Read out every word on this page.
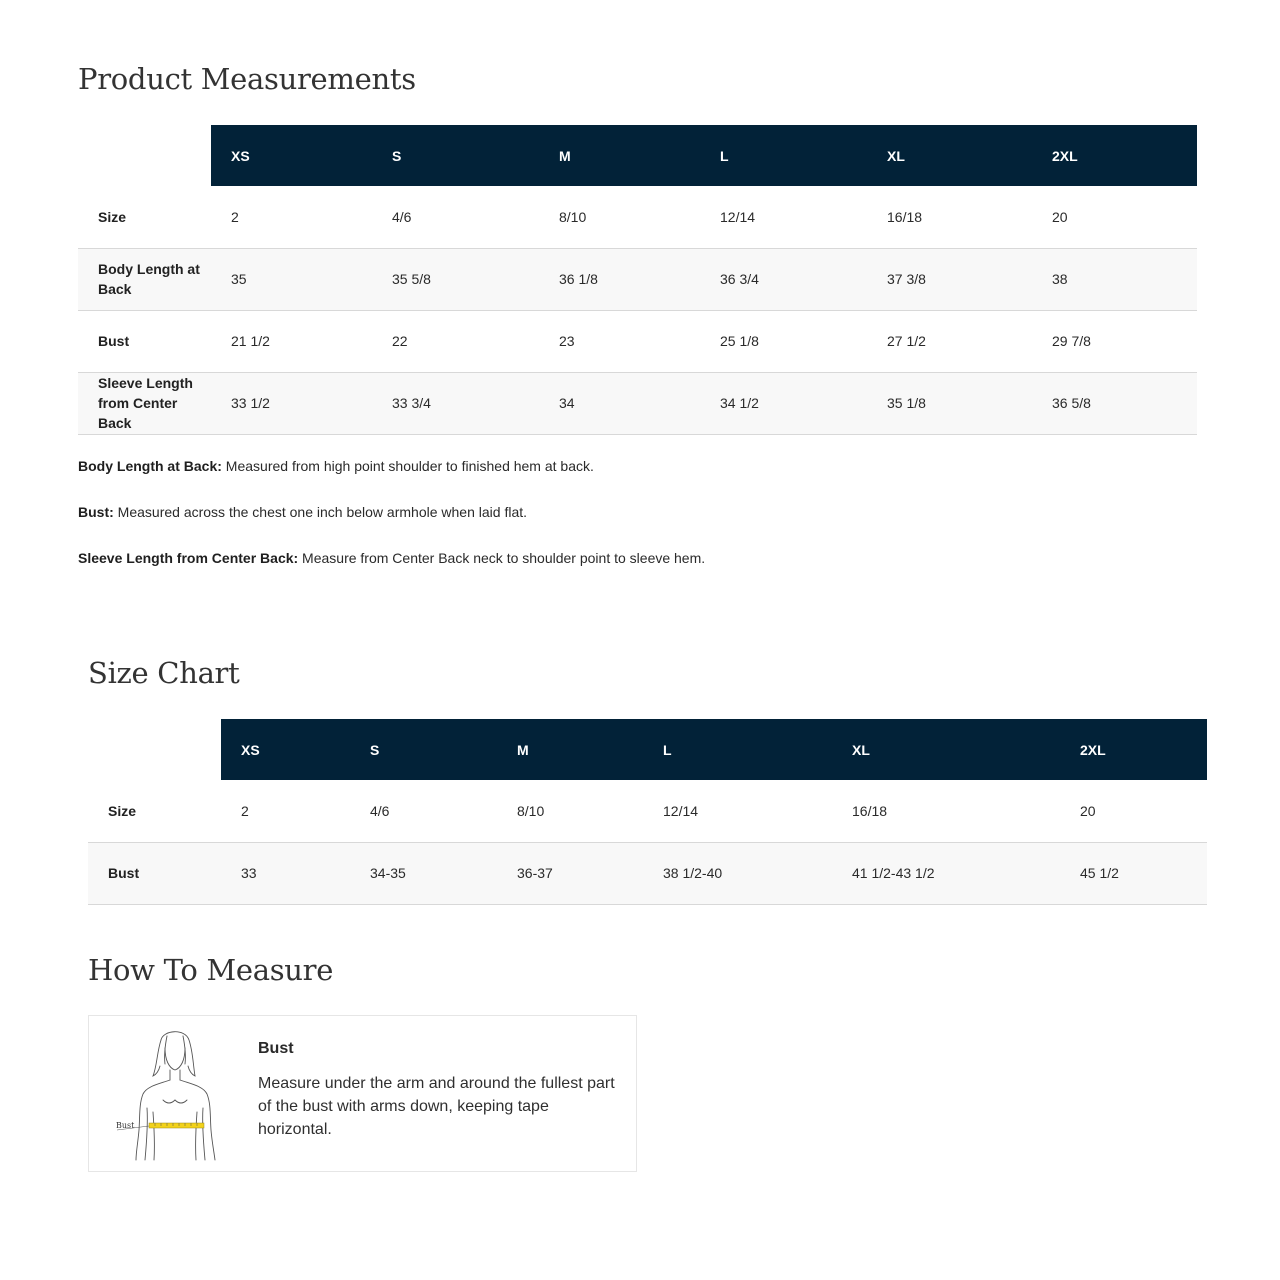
Product Measurements
	XS	S	M	L	XL	2XL
Size	2	4/6	8/10	12/14	16/18	20
Body Length at Back	35	35 5/8	36 1/8	36 3/4	37 3/8	38
Bust	21 1/2	22	23	25 1/8	27 1/2	29 7/8
Sleeve Length from Center Back	33 1/2	33 3/4	34	34 1/2	35 1/8	36 5/8

Body Length at Back: Measured from high point shoulder to finished hem at back.

Bust: Measured across the chest one inch below armhole when laid flat.

Sleeve Length from Center Back: Measure from Center Back neck to shoulder point to sleeve hem.

Size Chart
	XS	S	M	L	XL	2XL
Size	2	4/6	8/10	12/14	16/18	20
Bust	33	34-35	36-37	38 1/2-40	41 1/2-43 1/2	45 1/2
How To Measure
Bust
Bust
Measure under the arm and around the fullest part of the bust with arms down, keeping tape horizontal.
